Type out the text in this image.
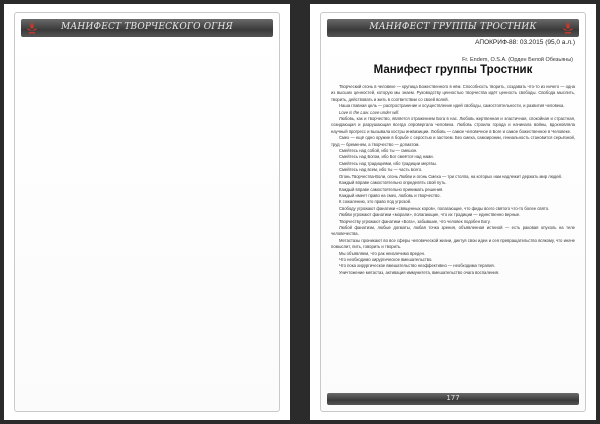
МАНИФЕСТ ТВОРЧЕСКОГО ОГНЯ	МАНИФЕСТ ГРУППЫ ТРОСТНИК
АПОКРИФ-88: 03.2015 (95,0 а.л.)
Fr. Endem, O.S.A. (Орден Белой Обезьяны)
Манифест группы Тростник

Творческий огонь в человеке — крупица Божественного в нём. Способность творить, создавать что-то из ничего — одна из высших ценностей, которую мы знаем. Руководству ценностью творчества идёт ценность свободы. Свобода мыслить, творить, действовать и жить в соответствии со своей волей.

Наша главная цель — распространение и осуществление идей свободы, самостоятельности, и развития человека.

Love is the Law. Love under will.

Любовь, как и творчество, является отражением Бога в нас. Любовь жертвенная и эластичная, спокойная и страстная, созидающая и разрушающая всегда опровергала человека. Любовь строила города и начинала войны, вдохновляла научный прогресс и вызывала костры инквизиции. Любовь — самое человечное в Боге и самое божественное в Человеке.

Смех — ещё одно оружие в борьбе с серостью и застоем. Без смеха, самоиронии, гениальность становится серьёзной, труд — бременем, а творчество — догматом.

Смейтесь над собой, ибо ты — смешон.

Смейтесь над Богом, ибо Бог смеётся над нами.

Смейтесь над традициями, ибо традиции мертвы.

Смейтесь над всем, ибо ты — часть всего.

Огонь Творчества-Воли, огонь Любви и огонь Смеха — три столпа, на которых нам надлежит держать мир людей.

Каждый вправе самостоятельно определять свой путь.

Каждый вправе самостоятельно принимать решения.

Каждый имеет право на смех, любовь и творчество.

К сожалению, это право под угрозой.

Свободу угрожают фанатики «священных коров», полагающие, что фиды всего святого что-то более свято.

Любви угрожают фанатики «морали», полагающие, что их традиции — единственно верные.

Творчеству угрожают фанатики «Бога», забывшие, что человек подобен Богу.

Любой фанатизм, любые догматы, любая точка зрения, объявленная истиной — есть раковая опухоль на теле человечества.

Метастазы проникают во все сферы человеческой жизни, диктуя свои идеи и сея превращательство всякому, что иначе помыслит, пить, говорить и творить.

Мы объявляем, что рак неизлечимо вреден.

Что необходимо хирургическое вмешательство.

Что пока хирургическое вмешательство неэффективно — необходима терапия.

Уничтожение метастаз, активация иммунитета, вмешательство очага воспаления.

177
